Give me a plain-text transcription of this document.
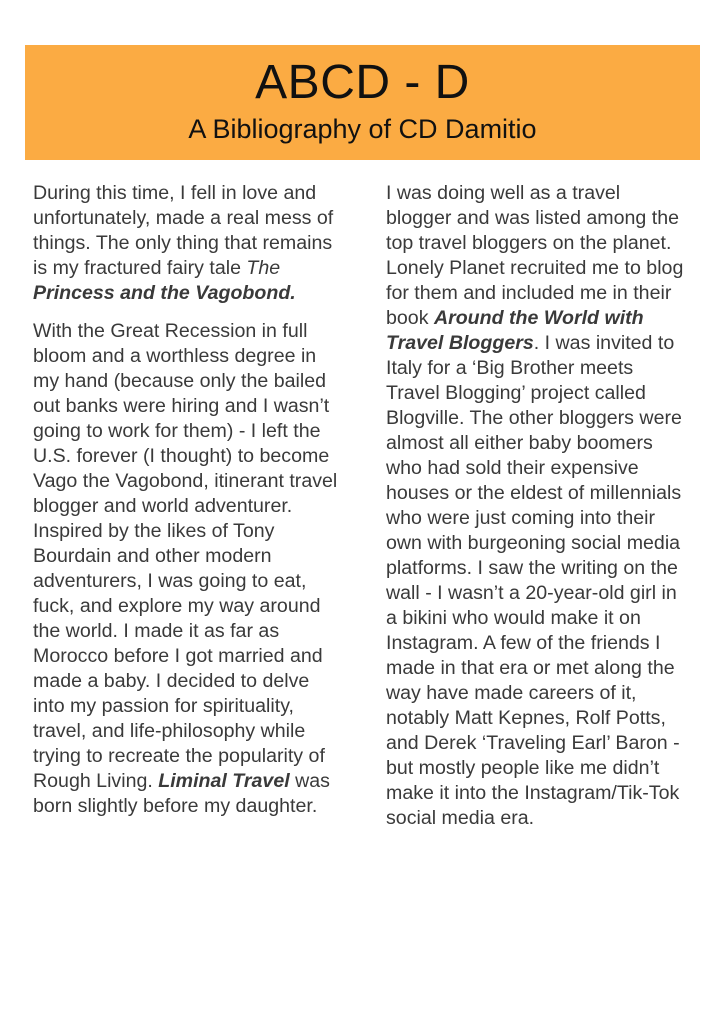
ABCD - D
A Bibliography of CD Damitio

During this time, I fell in love and unfortunately, made a real mess of things. The only thing that remains is my fractured fairy tale The Princess and the Vagobond.

With the Great Recession in full bloom and a worthless degree in my hand (because only the bailed out banks were hiring and I wasn’t going to work for them) - I left the U.S. forever (I thought) to become Vago the Vagobond, itinerant travel blogger and world adventurer. Inspired by the likes of Tony Bourdain and other modern adventurers, I was going to eat, fuck, and explore my way around the world. I made it as far as Morocco before I got married and made a baby. I decided to delve into my passion for spirituality, travel, and life-philosophy while trying to recreate the popularity of Rough Living. Liminal Travel was born slightly before my daughter.

I was doing well as a travel blogger and was listed among the top travel bloggers on the planet. Lonely Planet recruited me to blog for them and included me in their book Around the World with Travel Bloggers. I was invited to Italy for a ‘Big Brother meets Travel Blogging’ project called Blogville. The other bloggers were almost all either baby boomers who had sold their expensive houses or the eldest of millennials who were just coming into their own with burgeoning social media platforms. I saw the writing on the wall - I wasn’t a 20-year-old girl in a bikini who would make it on Instagram. A few of the friends I made in that era or met along the way have made careers of it, notably Matt Kepnes, Rolf Potts, and Derek ‘Traveling Earl’ Baron - but mostly people like me didn’t make it into the Instagram/Tik-Tok social media era.
